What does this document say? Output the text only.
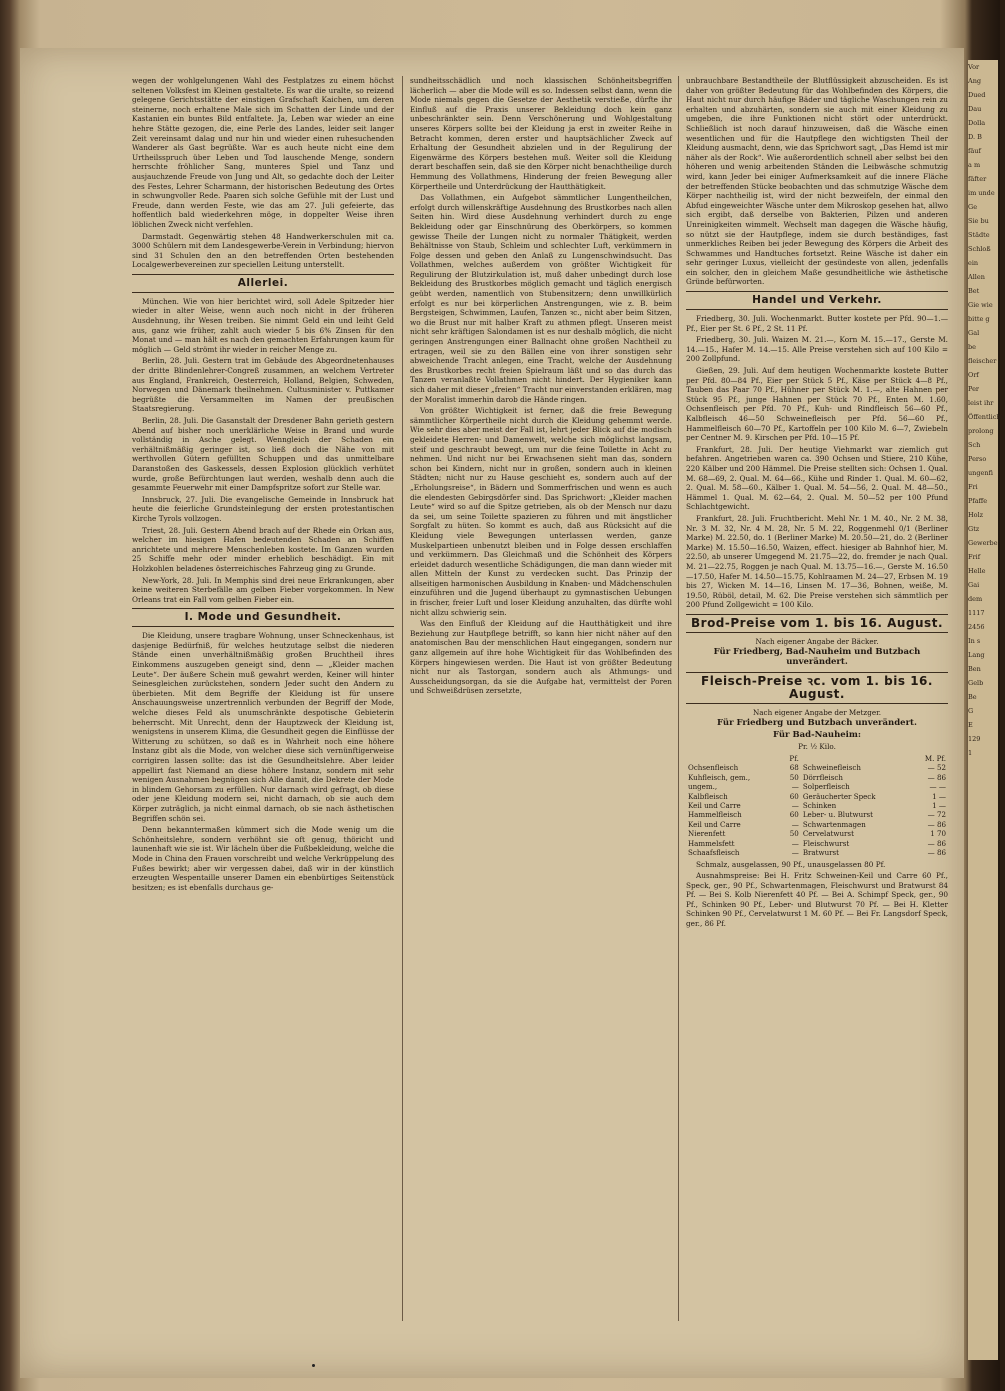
wegen der wohlgelungenen Wahl des Festplatzes zu einem höchst seltenen Volksfest im Kleinen gestaltete. Es war die uralte, so reizend gelegene Gerichtsstätte der einstigen Grafschaft Kaichen, um deren steinerne, noch erhaltene Male sich im Schatten der Linde und der Kastanien ein buntes Bild entfaltete. Ja, Leben war wieder an eine hehre Stätte gezogen, die, eine Perle des Landes, leider seit langer Zeit vereinsamt dalag und nur hin und wieder einen ruhesuchenden Wanderer als Gast begrüßte. War es auch heute nicht eine dem Urtheilsspruch über Leben und Tod lauschende Menge, sondern herrschte fröhlicher Sang, munteres Spiel und Tanz und ausjauchzende Freude von Jung und Alt, so gedachte doch der Leiter des Festes, Lehrer Scharmann, der historischen Bedeutung des Ortes in schwungvoller Rede. Paaren sich solche Gefühle mit der Lust und Freude, dann werden Feste, wie das am 27. Juli gefeierte, das hoffentlich bald wiederkehren möge, in doppelter Weise ihren löblichen Zweck nicht verfehlen.

Darmstadt. Gegenwärtig stehen 48 Handwerkerschulen mit ca. 3000 Schülern mit dem Landesgewerbe-Verein in Verbindung; hiervon sind 31 Schulen den an den betreffenden Orten bestehenden Localgewerbevereinen zur speciellen Leitung unterstellt.

Allerlei.

München. Wie von hier berichtet wird, soll Adele Spitzeder hier wieder in alter Weise, wenn auch noch nicht in der früheren Ausdehnung, ihr Wesen treiben. Sie nimmt Geld ein und leiht Geld aus, ganz wie früher, zahlt auch wieder 5 bis 6% Zinsen für den Monat und — man hält es nach den gemachten Erfahrungen kaum für möglich — Geld strömt ihr wieder in reicher Menge zu.

Berlin, 28. Juli. Gestern trat im Gebäude des Abgeordnetenhauses der dritte Blindenlehrer-Congreß zusammen, an welchem Vertreter aus England, Frankreich, Oesterreich, Holland, Belgien, Schweden, Norwegen und Dänemark theilnehmen. Cultusminister v. Puttkamer begrüßte die Versammelten im Namen der preußischen Staatsregierung.

Berlin, 28. Juli. Die Gasanstalt der Dresdener Bahn gerieth gestern Abend auf bisher noch unerklärliche Weise in Brand und wurde vollständig in Asche gelegt. Wenngleich der Schaden ein verhältnißmäßig geringer ist, so ließ doch die Nähe von mit werthvollen Gütern gefüllten Schuppen und das unmittelbare Daranstoßen des Gaskessels, dessen Explosion glücklich verhütet wurde, große Befürchtungen laut werden, weshalb denn auch die gesammte Feuerwehr mit einer Dampfspritze sofort zur Stelle war.

Innsbruck, 27. Juli. Die evangelische Gemeinde in Innsbruck hat heute die feierliche Grundsteinlegung der ersten protestantischen Kirche Tyrols vollzogen.

Triest, 28. Juli. Gestern Abend brach auf der Rhede ein Orkan aus, welcher im hiesigen Hafen bedeutenden Schaden an Schiffen anrichtete und mehrere Menschenleben kostete. Im Ganzen wurden 25 Schiffe mehr oder minder erheblich beschädigt. Ein mit Holzkohlen beladenes österreichisches Fahrzeug ging zu Grunde.

New-York, 28. Juli. In Memphis sind drei neue Erkrankungen, aber keine weiteren Sterbefälle am gelben Fieber vorgekommen. In New Orleans trat ein Fall vom gelben Fieber ein.

I. Mode und Gesundheit.

Die Kleidung, unsere tragbare Wohnung, unser Schneckenhaus, ist dasjenige Bedürfniß, für welches heutzutage selbst die niederen Stände einen unverhältnißmäßig großen Bruchtheil ihres Einkommens auszugeben geneigt sind, denn — „Kleider machen Leute“. Der äußere Schein muß gewahrt werden, Keiner will hinter Seinesgleichen zurückstehen, sondern Jeder sucht den Andern zu überbieten. Mit dem Begriffe der Kleidung ist für unsere Anschauungsweise unzertrennlich verbunden der Begriff der Mode, welche dieses Feld als unumschränkte despotische Gebieterin beherrscht. Mit Unrecht, denn der Hauptzweck der Kleidung ist, wenigstens in unserem Klima, die Gesundheit gegen die Einflüsse der Witterung zu schützen, so daß es in Wahrheit noch eine höhere Instanz gibt als die Mode, von welcher diese sich vernünftigerweise corrigiren lassen sollte: das ist die Gesundheitslehre. Aber leider appellirt fast Niemand an diese höhere Instanz, sondern mit sehr wenigen Ausnahmen begnügen sich Alle damit, die Dekrete der Mode in blindem Gehorsam zu erfüllen. Nur darnach wird gefragt, ob diese oder jene Kleidung modern sei, nicht darnach, ob sie auch dem Körper zuträglich, ja nicht einmal darnach, ob sie nach ästhetischen Begriffen schön sei.

Denn bekanntermaßen kümmert sich die Mode wenig um die Schönheitslehre, sondern verhöhnt sie oft genug, thöricht und launenhaft wie sie ist. Wir lächeln über die Fußbekleidung, welche die Mode in China den Frauen vorschreibt und welche Verkrüppelung des Fußes bewirkt; aber wir vergessen dabei, daß wir in der künstlich erzeugten Wespentaille unserer Damen ein ebenbürtiges Seitenstück besitzen; es ist ebenfalls durchaus ge-

sundheitsschädlich und noch klassischen Schönheitsbegriffen lächerlich — aber die Mode will es so. Indessen selbst dann, wenn die Mode niemals gegen die Gesetze der Aesthetik verstieße, dürfte ihr Einfluß auf die Praxis unserer Bekleidung doch kein ganz unbeschränkter sein. Denn Verschönerung und Wohlgestaltung unseres Körpers sollte bei der Kleidung ja erst in zweiter Reihe in Betracht kommen, deren erster und hauptsächlicher Zweck auf Erhaltung der Gesundheit abzielen und in der Regulirung der Eigenwärme des Körpers bestehen muß. Weiter soll die Kleidung derart beschaffen sein, daß sie den Körper nicht benachtheilige durch Hemmung des Vollathmens, Hinderung der freien Bewegung aller Körpertheile und Unterdrückung der Hautthätigkeit.

Das Vollathmen, ein Aufgebot sämmtlicher Lungentheilchen, erfolgt durch willenskräftige Ausdehnung des Brustkorbes nach allen Seiten hin. Wird diese Ausdehnung verhindert durch zu enge Bekleidung oder gar Einschnürung des Oberkörpers, so kommen gewisse Theile der Lungen nicht zu normaler Thätigkeit, werden Behältnisse von Staub, Schleim und schlechter Luft, verkümmern in Folge dessen und geben den Anlaß zu Lungenschwindsucht. Das Vollathmen, welches außerdem von größter Wichtigkeit für Regulirung der Blutzirkulation ist, muß daher unbedingt durch lose Bekleidung des Brustkorbes möglich gemacht und täglich energisch geübt werden, namentlich von Stubensitzern; denn unwillkürlich erfolgt es nur bei körperlichen Anstrengungen, wie z. B. beim Bergsteigen, Schwimmen, Laufen, Tanzen ꝛc., nicht aber beim Sitzen, wo die Brust nur mit halber Kraft zu athmen pflegt. Unseren meist nicht sehr kräftigen Salondamen ist es nur deshalb möglich, die nicht geringen Anstrengungen einer Ballnacht ohne großen Nachtheil zu ertragen, weil sie zu den Bällen eine von ihrer sonstigen sehr abweichende Tracht anlegen, eine Tracht, welche der Ausdehnung des Brustkorbes recht freien Spielraum läßt und so das durch das Tanzen veranlaßte Vollathmen nicht hindert. Der Hygieniker kann sich daher mit dieser „freien“ Tracht nur einverstanden erklären, mag der Moralist immerhin darob die Hände ringen.

Von größter Wichtigkeit ist ferner, daß die freie Bewegung sämmtlicher Körpertheile nicht durch die Kleidung gehemmt werde. Wie sehr dies aber meist der Fall ist, lehrt jeder Blick auf die modisch gekleidete Herren- und Damenwelt, welche sich möglichst langsam, steif und geschraubt bewegt, um nur die feine Toilette in Acht zu nehmen. Und nicht nur bei Erwachsenen sieht man das, sondern schon bei Kindern, nicht nur in großen, sondern auch in kleinen Städten; nicht nur zu Hause geschieht es, sondern auch auf der „Erholungsreise“, in Bädern und Sommerfrischen und wenn es auch die elendesten Gebirgsdörfer sind. Das Sprichwort: „Kleider machen Leute“ wird so auf die Spitze getrieben, als ob der Mensch nur dazu da sei, um seine Toilette spazieren zu führen und mit ängstlicher Sorgfalt zu hüten. So kommt es auch, daß aus Rücksicht auf die Kleidung viele Bewegungen unterlassen werden, ganze Muskelpartieen unbenutzt bleiben und in Folge dessen erschlaffen und verkümmern. Das Gleichmaß und die Schönheit des Körpers erleidet dadurch wesentliche Schädigungen, die man dann wieder mit allen Mitteln der Kunst zu verdecken sucht. Das Prinzip der allseitigen harmonischen Ausbildung in Knaben- und Mädchenschulen einzuführen und die Jugend überhaupt zu gymnastischen Uebungen in frischer, freier Luft und loser Kleidung anzuhalten, das dürfte wohl nicht allzu schwierig sein.

Was den Einfluß der Kleidung auf die Hautthätigkeit und ihre Beziehung zur Hautpflege betrifft, so kann hier nicht näher auf den anatomischen Bau der menschlichen Haut eingegangen, sondern nur ganz allgemein auf ihre hohe Wichtigkeit für das Wohlbefinden des Körpers hingewiesen werden. Die Haut ist von größter Bedeutung nicht nur als Tastorgan, sondern auch als Athmungs- und Ausscheidungsorgan, da sie die Aufgabe hat, vermittelst der Poren und Schweißdrüsen zersetzte,

unbrauchbare Bestandtheile der Blutflüssigkeit abzuscheiden. Es ist daher von größter Bedeutung für das Wohlbefinden des Körpers, die Haut nicht nur durch häufige Bäder und tägliche Waschungen rein zu erhalten und abzuhärten, sondern sie auch mit einer Kleidung zu umgeben, die ihre Funktionen nicht stört oder unterdrückt. Schließlich ist noch darauf hinzuweisen, daß die Wäsche einen wesentlichen und für die Hautpflege den wichtigsten Theil der Kleidung ausmacht, denn, wie das Sprichwort sagt, „Das Hemd ist mir näher als der Rock“. Wie außerordentlich schnell aber selbst bei den höheren und wenig arbeitenden Ständen die Leibwäsche schmutzig wird, kann Jeder bei einiger Aufmerksamkeit auf die innere Fläche der betreffenden Stücke beobachten und das schmutzige Wäsche dem Körper nachtheilig ist, wird der nicht bezweifeln, der einmal den Abfud eingeweichter Wäsche unter dem Mikroskop gesehen hat, allwo sich ergibt, daß derselbe von Bakterien, Pilzen und anderen Unreinigkeiten wimmelt. Wechselt man dagegen die Wäsche häufig, so nützt sie der Hautpflege, indem sie durch beständiges, fast unmerkliches Reiben bei jeder Bewegung des Körpers die Arbeit des Schwammes und Handtuches fortsetzt. Reine Wäsche ist daher ein sehr geringer Luxus, vielleicht der gesündeste von allen, jedenfalls ein solcher, den in gleichem Maße gesundheitliche wie ästhetische Gründe befürworten.

Handel und Verkehr.

Friedberg, 30. Juli. Wochenmarkt. Butter kostete per Pfd. 90—1.— Pf., Eier per St. 6 Pf., 2 St. 11 Pf.

Friedberg, 30. Juli. Waizen M. 21.—, Korn M. 15.—17., Gerste M. 14.—15., Hafer M. 14.—15. Alle Preise verstehen sich auf 100 Kilo = 200 Zollpfund.

Gießen, 29. Juli. Auf dem heutigen Wochenmarkte kostete Butter per Pfd. 80—84 Pf., Eier per Stück 5 Pf., Käse per Stück 4—8 Pf., Tauben das Paar 70 Pf., Hühner per Stück M. 1.—, alte Hahnen per Stück 95 Pf., junge Hahnen per Stück 70 Pf., Enten M. 1.60, Ochsenfleisch per Pfd. 70 Pf., Kuh- und Rindfleisch 56—60 Pf., Kalbfleisch 46—50 Schweinefleisch per Pfd. 56—60 Pf., Hammelfleisch 60—70 Pf., Kartoffeln per 100 Kilo M. 6—7, Zwiebeln per Centner M. 9. Kirschen per Pfd. 10—15 Pf.

Frankfurt, 28. Juli. Der heutige Viehmarkt war ziemlich gut befahren. Angetrieben waren ca. 390 Ochsen und Stiere, 210 Kühe, 220 Kälber und 200 Hämmel. Die Preise stellten sich: Ochsen 1. Qual. M. 68—69, 2. Qual. M. 64—66., Kühe und Rinder 1. Qual. M. 60—62, 2. Qual. M. 58—60., Kälber 1. Qual. M. 54—56, 2. Qual. M. 48—50., Hämmel 1. Qual. M. 62—64, 2. Qual. M. 50—52 per 100 Pfund Schlachtgewicht.

Frankfurt, 28. Juli. Fruchtbericht. Mehl Nr. 1 M. 40., Nr. 2 M. 38, Nr. 3 M. 32, Nr. 4 M. 28, Nr. 5 M. 22, Roggenmehl 0/1 (Berliner Marke) M. 22.50, do. 1 (Berliner Marke) M. 20.50—21, do. 2 (Berliner Marke) M. 15.50—16.50, Waizen, effect. hiesiger ab Bahnhof hier, M. 22.50, ab unserer Umgegend M. 21.75—22, do. fremder je nach Qual. M. 21—22.75, Roggen je nach Qual. M. 13.75—16.—, Gerste M. 16.50—17.50, Hafer M. 14.50—15.75, Kohlraamen M. 24—27, Erbsen M. 19 bis 27, Wicken M. 14—16, Linsen M. 17—36, Bohnen, weiße, M. 19.50, Rüböl, detail, M. 62. Die Preise verstehen sich sämmtlich per 200 Pfund Zollgewicht = 100 Kilo.

Brod-Preise vom 1. bis 16. August.
Nach eigener Angabe der Bäcker.
Für Friedberg, Bad-Nauheim und Butzbach unverändert.
Fleisch-Preise ꝛc. vom 1. bis 16. August.
Nach eigener Angabe der Metzger.
Für Friedberg und Butzbach unverändert.
Für Bad-Nauheim:
Pr. ½ Kilo.
	Pf.		M. Pf.
Ochsenfleisch	68	Schweinefleisch	— 52
Kuhfleisch, gem.,	50	Dörrfleisch	— 86
ungem.,	—	Solperfleisch	— —
Kalbfleisch	60	Geräucherter Speck	1 —
Keil und Carre	—	Schinken	1 —
Hammelfleisch	60	Leber- u. Blutwurst	— 72
Keil und Carre	—	Schwartenmagen	— 86
Nierenfett	50	Cervelatwurst	1 70
Hammelsfett	—	Fleischwurst	— 86
Schaafsfleisch	—	Bratwurst	— 86

Schmalz, ausgelassen, 90 Pf., unausgelassen 80 Pf.

Ausnahmspreise: Bei H. Fritz Schweinen-Keil und Carre 60 Pf., Speck, ger., 90 Pf., Schwartenmagen, Fleischwurst und Bratwurst 84 Pf. — Bei S. Kolb Nierenfett 40 Pf. — Bei A. Schimpf Speck, ger., 90 Pf., Schinken 90 Pf., Leber- und Blutwurst 70 Pf. — Bei H. Kletter Schinken 90 Pf., Cervelatwurst 1 M. 60 Pf. — Bei Fr. Langsdorf Speck, ger., 86 Pf.

Vor
Ang
Dued
Dau
Dolla
D. B
fäuf
a m
fäfter
im unde
Ge
Sie bu
Städte
Schloß
ein
Allen
Bet
Gie wie
bitte g
Gal
be
fleischer
Orf
Per
leist ihr
Öffentlichk
prolong
Sch
Perso
ungenfi
Fri
Pfaffe
Holz
Gtz
Gewerbe
Frif
Helle
Gai
dem
1117
2456
In s
Lang
Ben
Gelb
Be
G
E
129
1
